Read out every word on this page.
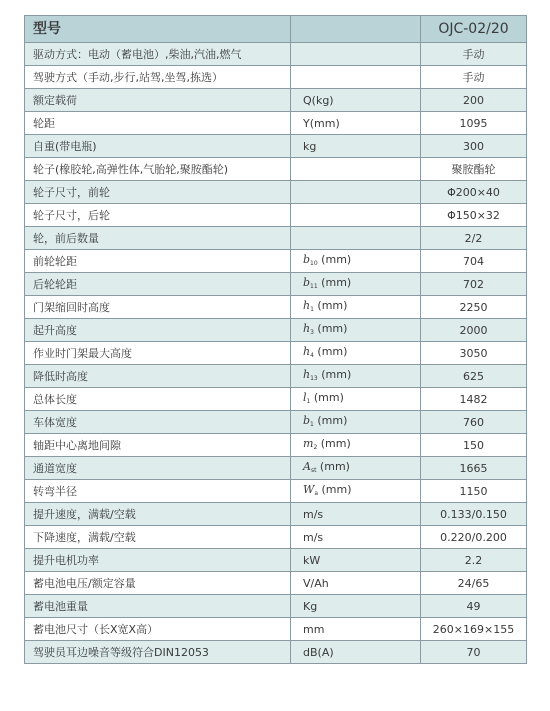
型号		OJC-02/20
驱动方式：电动（蓄电池）,柴油,汽油,燃气		手动
驾驶方式（手动,步行,站驾,坐驾,拣选）		手动
额定载荷	Q(kg)	200
轮距	Y(mm)	1095
自重(带电瓶)	kg	300
轮子(橡胶轮,高弹性体,气胎轮,聚胺酯轮)		聚胺酯轮
轮子尺寸，前轮		Φ200×40
轮子尺寸，后轮		Φ150×32
轮，前后数量		2/2
前轮轮距	$b_{10}$ (mm)	704
后轮轮距	$b_{11}$ (mm)	702
门架缩回时高度	$h_1$ (mm)	2250
起升高度	$h_3$ (mm)	2000
作业时门架最大高度	$h_4$ (mm)	3050
降低时高度	$h_{13}$ (mm)	625
总体长度	$l_1$ (mm)	1482
车体宽度	$b_1$ (mm)	760
轴距中心离地间隙	$m_2$ (mm)	150
通道宽度	$A_{st}$ (mm)	1665
转弯半径	$W_a$ (mm)	1150
提升速度，满载/空载	m/s	0.133/0.150
下降速度，满载/空载	m/s	0.220/0.200
提升电机功率	kW	2.2
蓄电池电压/额定容量	V/Ah	24/65
蓄电池重量	Kg	49
蓄电池尺寸（长X宽X高）	mm	260×169×155
驾驶员耳边噪音等级符合DIN12053	dB(A)	70
